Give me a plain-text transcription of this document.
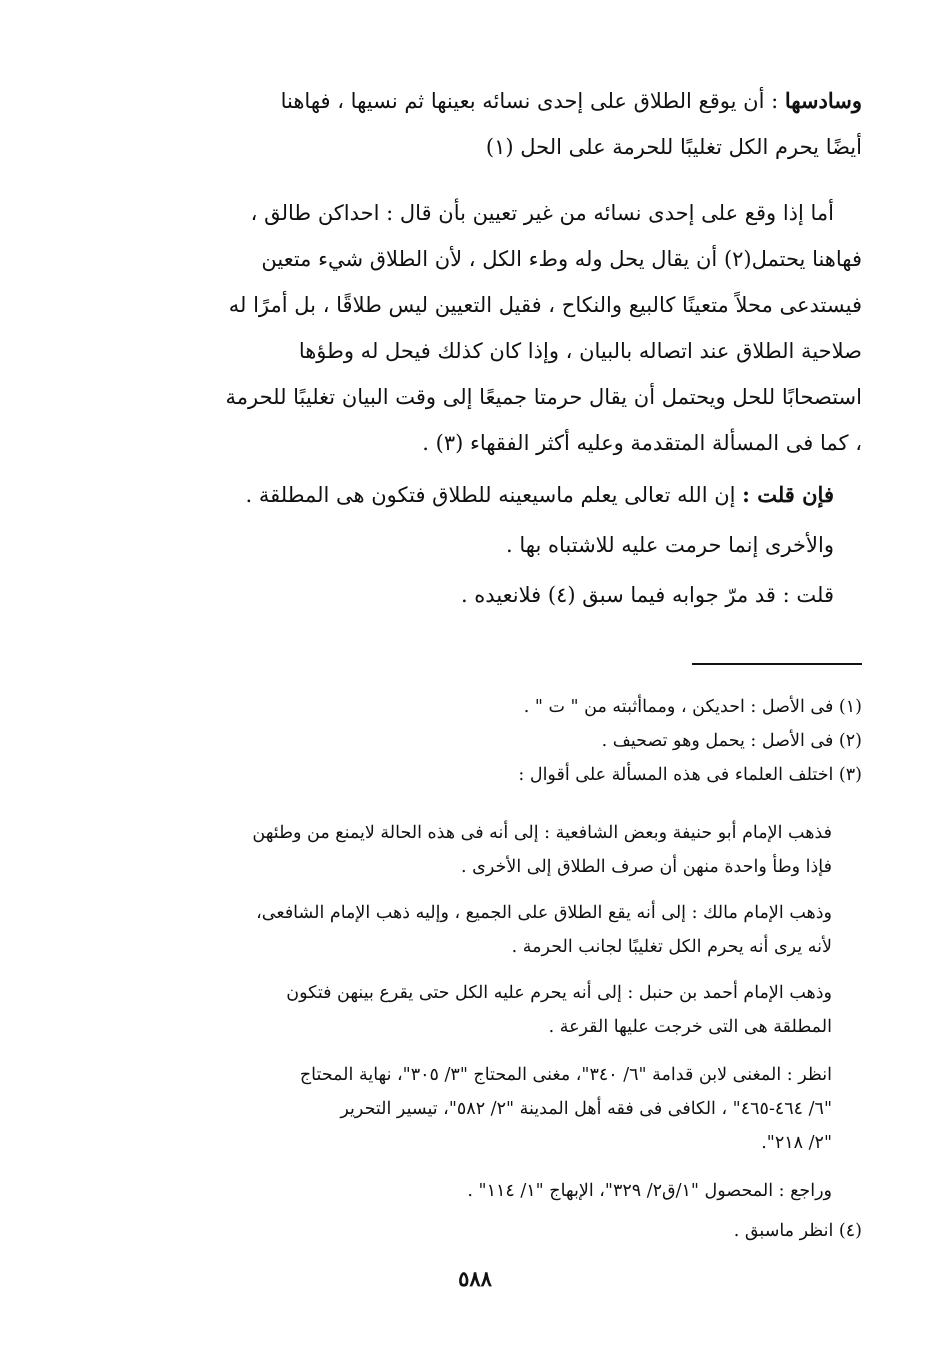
وسادسها : أن يوقع الطلاق على إحدى نسائه بعينها ثم نسيها ، فهاهنا
أيضًا يحرم الكل تغليبًا للحرمة على الحل (١)
أما إذا وقع على إحدى نسائه من غير تعيين بأن قال : احداكن طالق ،
فهاهنا يحتمل(٢) أن يقال يحل وله وطء الكل ، لأن الطلاق شيء متعين
فيستدعى محلاً متعينًا كالبيع والنكاح ، فقيل التعيين ليس طلاقًا ، بل أمرًا له
صلاحية الطلاق عند اتصاله بالبيان ، وإذا كان كذلك فيحل له وطؤها
استصحابًا للحل ويحتمل أن يقال حرمتا جميعًا إلى وقت البيان تغليبًا للحرمة
، كما فى المسألة المتقدمة وعليه أكثر الفقهاء (٣) .
فإن قلت : إن الله تعالى يعلم ماسيعينه للطلاق فتكون هى المطلقة .
والأخرى إنما حرمت عليه للاشتباه بها .
قلت : قد مرّ جوابه فيما سبق (٤) فلانعيده .
(١) فى الأصل : احديكن ، ومماأثبته من " ت " .
(٢) فى الأصل : يحمل وهو تصحيف .
(٣) اختلف العلماء فى هذه المسألة على أقوال :
فذهب الإمام أبو حنيفة وبعض الشافعية : إلى أنه فى هذه الحالة لايمنع من وطئهن
فإذا وطأ واحدة منهن أن صرف الطلاق إلى الأخرى .
وذهب الإمام مالك : إلى أنه يقع الطلاق على الجميع ، وإليه ذهب الإمام الشافعى،
لأنه يرى أنه يحرم الكل تغليبًا لجانب الحرمة .
وذهب الإمام أحمد بن حنبل : إلى أنه يحرم عليه الكل حتى يقرع بينهن فتكون
المطلقة هى التى خرجت عليها القرعة .
انظر : المغنى لابن قدامة "٦/ ٣٤٠"، مغنى المحتاج "٣/ ٣٠٥"، نهاية المحتاج
"٦/ ٤٦٤-٤٦٥" ، الكافى فى فقه أهل المدينة "٢/ ٥٨٢"، تيسير التحرير
"٢/ ٢١٨".
وراجع : المحصول "١/ق٢/ ٣٢٩"، الإبهاج "١/ ١١٤" .
(٤) انظر ماسبق .
٥٨٨
